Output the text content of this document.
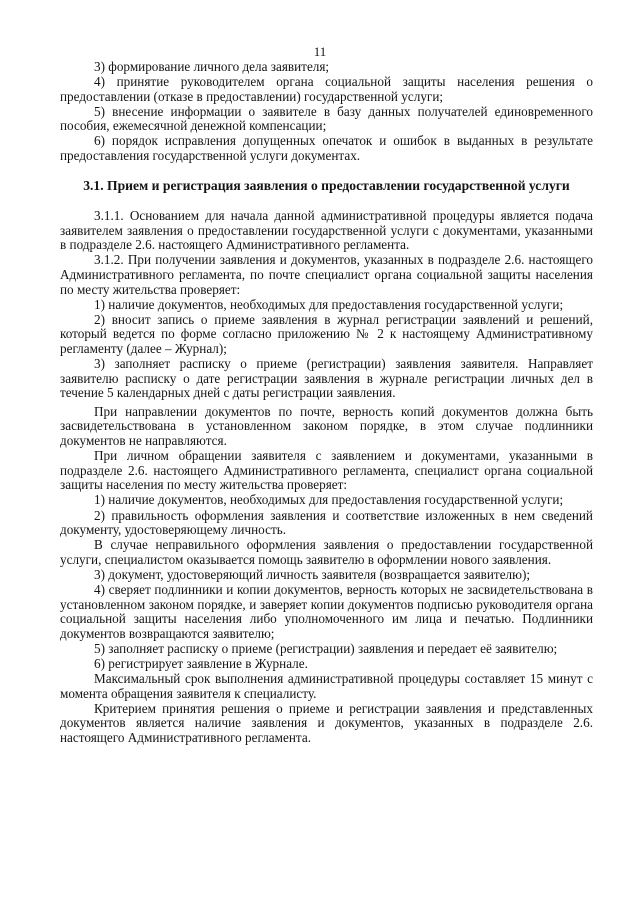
11

3) формирование личного дела заявителя;

4) принятие руководителем органа социальной защиты населения решения о предоставлении (отказе в предоставлении) государственной услуги;

5) внесение информации о заявителе в базу данных получателей единовременного пособия, ежемесячной денежной компенсации;

6) порядок исправления допущенных опечаток и ошибок в выданных в результате предоставления государственной услуги документах.

3.1. Прием и регистрация заявления о предоставлении государственной услуги

3.1.1. Основанием для начала данной административной процедуры является подача заявителем заявления о предоставлении государственной услуги с документами, указанными в подразделе 2.6. настоящего Административного регламента.

3.1.2. При получении заявления и документов, указанных в подразделе 2.6. настоящего Административного регламента, по почте специалист органа социальной защиты населения по месту жительства проверяет:

1) наличие документов, необходимых для предоставления государственной услуги;

2) вносит запись о приеме заявления в журнал регистрации заявлений и решений, который ведется по форме согласно приложению № 2 к настоящему Административному регламенту (далее – Журнал);

3) заполняет расписку о приеме (регистрации) заявления заявителя. Направляет заявителю расписку о дате регистрации заявления в журнале регистрации личных дел в течение 5 календарных дней с даты регистрации заявления.

При направлении документов по почте, верность копий документов должна быть засвидетельствована в установленном законом порядке, в этом случае подлинники документов не направляются.

При личном обращении заявителя с заявлением и документами, указанными в подразделе 2.6. настоящего Административного регламента, специалист органа социальной защиты населения по месту жительства проверяет:

1) наличие документов, необходимых для предоставления государственной услуги;

2) правильность оформления заявления и соответствие изложенных в нем сведений документу, удостоверяющему личность.

В случае неправильного оформления заявления о предоставлении государственной услуги, специалистом оказывается помощь заявителю в оформлении нового заявления.

3) документ, удостоверяющий личность заявителя (возвращается заявителю);

4) сверяет подлинники и копии документов, верность которых не засвидетельствована в установленном законом порядке, и заверяет копии документов подписью руководителя органа социальной защиты населения либо уполномоченного им лица и печатью. Подлинники документов возвращаются заявителю;

5) заполняет расписку о приеме (регистрации) заявления и передает её заявителю;

6) регистрирует заявление в Журнале.

Максимальный срок выполнения административной процедуры составляет 15 минут с момента обращения заявителя к специалисту.

Критерием принятия решения о приеме и регистрации заявления и представленных документов является наличие заявления и документов, указанных в подразделе 2.6. настоящего Административного регламента.
